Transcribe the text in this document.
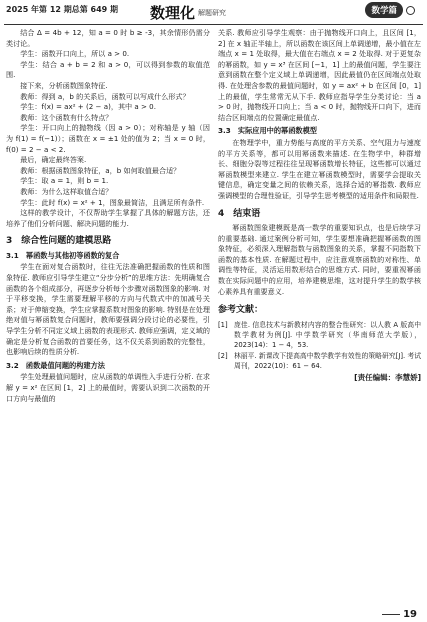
2025 年第 12 期总第 649 期 数理化 解题研究	数学篇

结合 Δ = 4b + 12，知 a = 0 时 b ≥ -3，其余情形仍需分类讨论。

学生：函数开口向上，所以 a > 0.

学生：结合 a + b = 2 和 a > 0，可以得到参数的取值范围.

接下来，分析函数图象特征.

教师：得到 a，b 的关系后，函数可以写成什么形式？

学生：f(x) = ax² + (2 − a)，其中 a > 0.

教师：这个函数有什么特点？

学生：开口向上的抛物线（因 a > 0）；对称轴是 y 轴（因为 f(1) = f(−1)）；函数在 x = ±1 处的值为 2；当 x = 0 时，f(0) = 2 − a < 2.

最后，确定最终答案.

教师：根据函数图象特征，a，b 如何取值最合适？

学生：取 a = 1，则 b = 1.

教师：为什么这样取值合适？

学生：此时 f(x) = x² + 1，图象最简洁，且满足所有条件.

这样的教学设计，不仅帮助学生掌握了具体的解题方法，还培养了他们分析问题、解决问题的能力.

3　综合性问题的建模思路
3.1　幂函数与其他初等函数的复合

学生在面对复合函数时，往往无法准确把握函数的性质和图象特征. 教师应引导学生建立“分步分析”的思维方法：先明确复合函数的各个组成部分，再逐步分析每个步骤对函数图象的影响. 对于平移变换，学生需要理解平移的方向与代数式中的加减号关系；对于伸缩变换，学生应掌握系数对图象的影响. 特别是在处理绝对值与幂函数复合问题时，教师要强调分段讨论的必要性，引导学生分析不同定义域上函数的表现形式. 教师应强调，定义域的确定是分析复合函数的首要任务，这不仅关系到函数的完整性，也影响后续的性质分析.

3.2　函数最值问题的构建方法

学生处理最值问题时，应从函数的单调性入手进行分析. 在求解 y = x² 在区间 [1，2] 上的最值时，需要认识到二次函数的开口方向与最值的

关系. 教师应引导学生观察：由于抛物线开口向上，且区间 [1，2] 在 x 轴正半轴上，所以函数在该区间上单调递增，最小值在左端点 x = 1 处取得，最大值在右端点 x = 2 处取得. 对于更复杂的幂函数，如 y = x³ 在区间 [−1，1] 上的最值问题，学生要注意到函数在整个定义域上单调递增，因此最值仍在区间端点处取得. 在处理含参数的最值问题时，如 y = ax² + b 在区间 [0，1] 上的最值，学生常常无从下手. 教师应指导学生分类讨论：当 a > 0 时，抛物线开口向上；当 a < 0 时，抛物线开口向下，进而结合区间端点的位置确定最值点.

3.3　实际应用中的幂函数模型

在物理学中，重力势能与高度的平方关系、空气阻力与速度的平方关系等，都可以用幂函数来描述. 在生物学中，种群增长、细胞分裂等过程往往呈现幂函数增长特征，这些都可以通过幂函数模型来建立. 学生在建立幂函数模型时，需要学会提取关键信息，确定变量之间的依赖关系，选择合适的幂指数. 教师应强调模型的合理性验证，引导学生思考模型的适用条件和局限性.

4　结束语

幂函数图象建模既是高一数学的重要知识点，也是后续学习的重要基础. 通过案例分析可知，学生要想准确把握幂函数的图象特征，必须深入理解指数与函数图象的关系，掌握不同指数下函数的基本性质. 在解题过程中，应注意观察函数的对称性、单调性等特征，灵活运用数形结合的思维方式. 同时，要重视幂函数在实际问题中的应用，培养建模思维，这对提升学生的数学核心素养具有重要意义.

参考文献：
[1] 庞佳. 信息技术与新教材内容的整合性研究：以人教 A 版高中数学教材为例[J]. 中学数学研究（华南师范大学版），2023(14)：1 − 4，53.
[2] 林丽平. 新课改下提高高中数学教学有效性的策略研究[J]. 考试周刊，2022(10)：61 − 64.
[责任编辑：李慧娇]
19
